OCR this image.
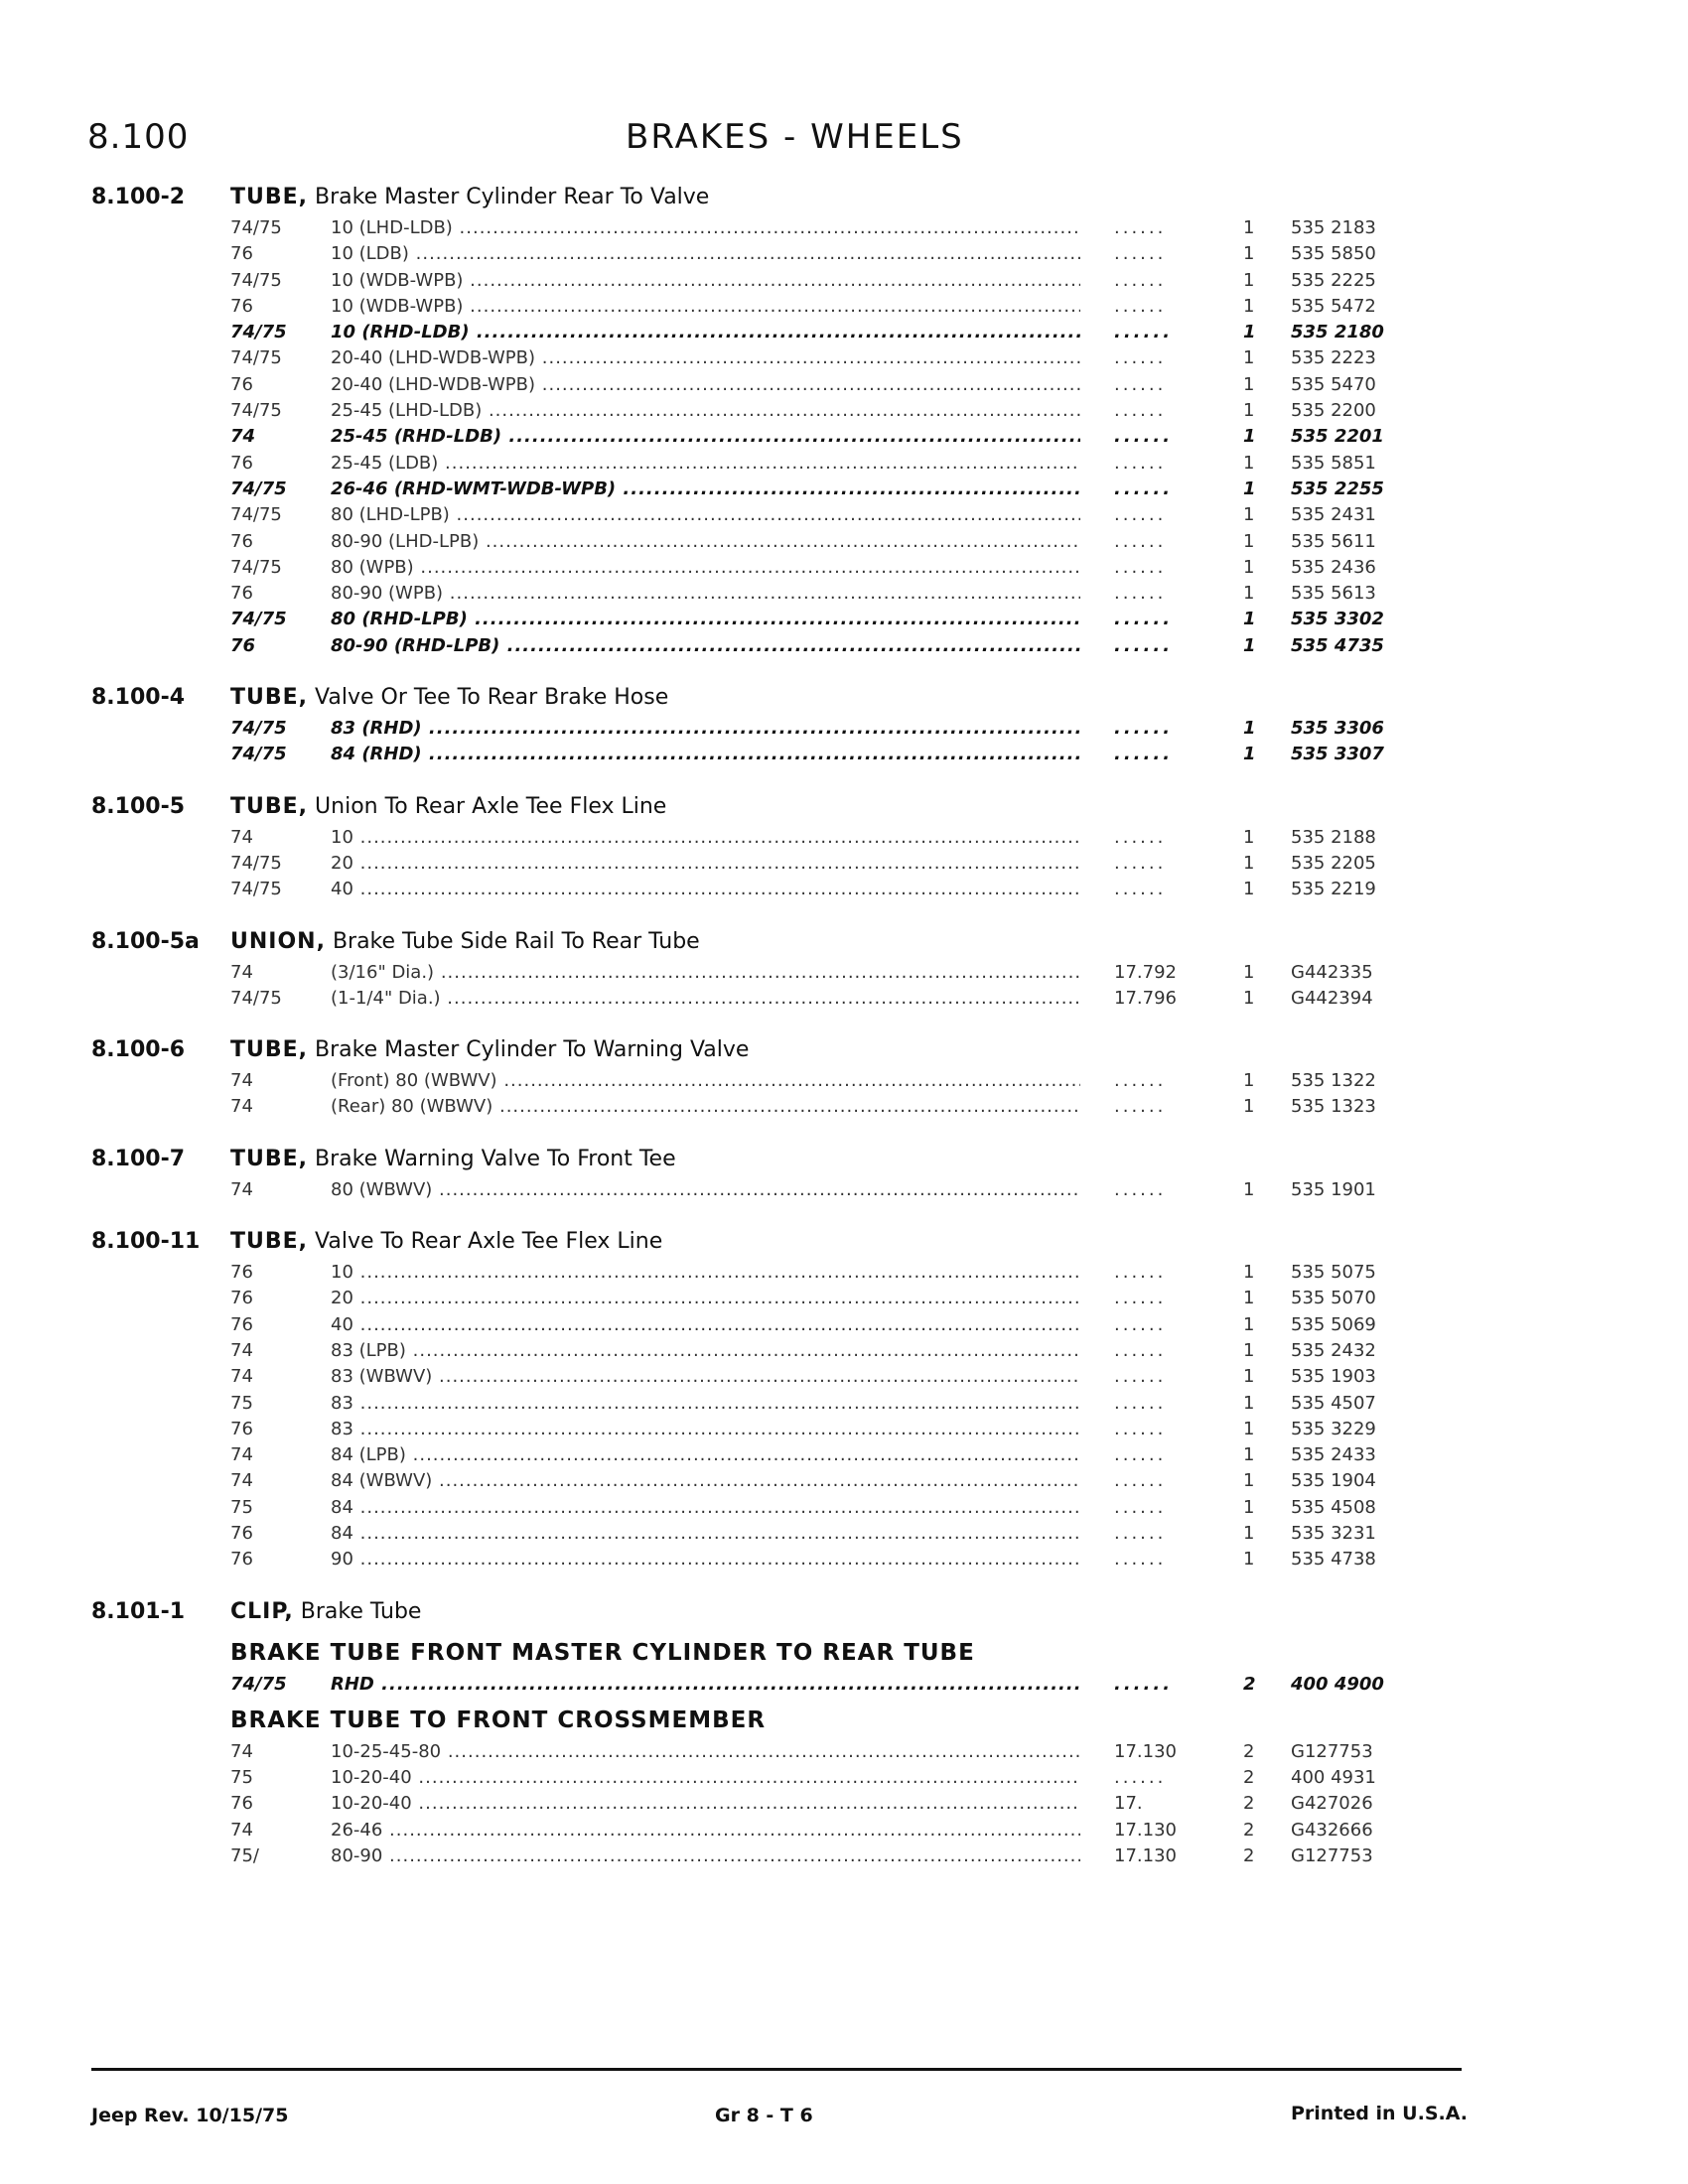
8.100	BRAKES - WHEELS
8.100-2 TUBE, Brake Master Cylinder Rear To Valve
74/75	10 (LHD-LDB) .....	......	1 535 2183
76	10 (LDB) .....	......	1 535 5850
74/75	10 (WDB-WPB) .....	......	1 535 2225
76	10 (WDB-WPB) .....	......	1 535 5472
74/75 10 (RHD-LDB) .....	......	1 535 2180
74/75	20-40 (LHD-WDB-WPB) .....	......	1 535 2223
76	20-40 (LHD-WDB-WPB) .....	......	1 535 5470
74/75	25-45 (LHD-LDB) .....	......	1 535 2200
74	25-45 (RHD-LDB) .....	......	1 535 2201
76	25-45 (LDB) .....	......	1 535 5851
74/75 26-46 (RHD-WMT-WDB-WPB) .....	......	1 535 2255
74/75	80 (LHD-LPB) .....	......	1 535 2431
76	80-90 (LHD-LPB) .....	......	1 535 5611
74/75	80 (WPB) .....	......	1 535 2436
76	80-90 (WPB) .....	......	1 535 5613
74/75 80 (RHD-LPB) .....	......	1 535 3302
76	80-90 (RHD-LPB) .....	......	1 535 4735
8.100-4 TUBE, Valve Or Tee To Rear Brake Hose
74/75 83 (RHD) .....	......	1 535 3306
74/75 84 (RHD) .....	......	1 535 3307
8.100-5 TUBE, Union To Rear Axle Tee Flex Line
74	10 .....	......	1 535 2188
74/75	20 .....	......	1 535 2205
74/75	40 .....	......	1 535 2219
8.100-5a UNION, Brake Tube Side Rail To Rear Tube
74	(3/16" Dia.) .....	17.792	1 G442335
74/75	(1-1/4" Dia.) .....	17.796	1 G442394
8.100-6 TUBE, Brake Master Cylinder To Warning Valve
74	(Front) 80 (WBWV) .....	......	1 535 1322
74	(Rear) 80 (WBWV) .....	......	1 535 1323
8.100-7 TUBE, Brake Warning Valve To Front Tee
74	80 (WBWV) .....	......	1 535 1901
8.100-11 TUBE, Valve To Rear Axle Tee Flex Line
76	10 .....	......	1 535 5075
76	20 .....	......	1 535 5070
76	40 .....	......	1 535 5069
74	83 (LPB) .....	......	1 535 2432
74	83 (WBWV) .....	......	1 535 1903
75	83 .....	......	1 535 4507
76	83 .....	......	1 535 3229
74	84 (LPB) .....	......	1 535 2433
74	84 (WBWV) .....	......	1 535 1904
75	84 .....	......	1 535 4508
76	84 .....	......	1 535 3231
76	90 .....	......	1 535 4738
8.101-1 CLIP, Brake Tube
BRAKE TUBE FRONT MASTER CYLINDER TO REAR TUBE
74/75 RHD .....	......	2 400 4900
BRAKE TUBE TO FRONT CROSSMEMBER
74	10-25-45-80 .....	17.130	2 G127753
75	10-20-40 .....	......	2 400 4931
76	10-20-40 .....	17.	2 G427026
74	26-46 .....	17.130	2 G432666
75/	80-90 .....	17.130	2 G127753
Jeep Rev. 10/15/75	Gr 8 - T 6	Printed in U.S.A.
